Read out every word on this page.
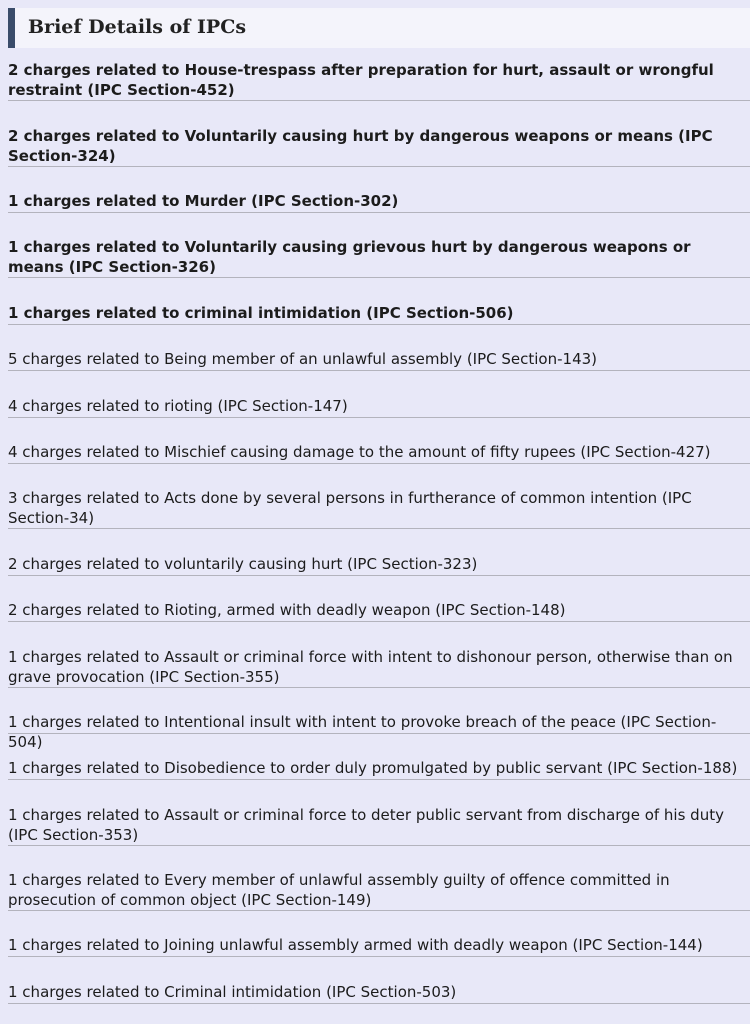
Brief Details of IPCs
2 charges related to House-trespass after preparation for hurt, assault or wrongful restraint (IPC Section-452)
2 charges related to Voluntarily causing hurt by dangerous weapons or means (IPC Section-324)
1 charges related to Murder (IPC Section-302)
1 charges related to Voluntarily causing grievous hurt by dangerous weapons or means (IPC Section-326)
1 charges related to criminal intimidation (IPC Section-506)
5 charges related to Being member of an unlawful assembly (IPC Section-143)
4 charges related to rioting (IPC Section-147)
4 charges related to Mischief causing damage to the amount of fifty rupees (IPC Section-427)
3 charges related to Acts done by several persons in furtherance of common intention (IPC Section-34)
2 charges related to voluntarily causing hurt (IPC Section-323)
2 charges related to Rioting, armed with deadly weapon (IPC Section-148)
1 charges related to Assault or criminal force with intent to dishonour person, otherwise than on grave provocation (IPC Section-355)
1 charges related to Intentional insult with intent to provoke breach of the peace (IPC Section-504)
1 charges related to Disobedience to order duly promulgated by public servant (IPC Section-188)
1 charges related to Assault or criminal force to deter public servant from discharge of his duty (IPC Section-353)
1 charges related to Every member of unlawful assembly guilty of offence committed in prosecution of common object (IPC Section-149)
1 charges related to Joining unlawful assembly armed with deadly weapon (IPC Section-144)
1 charges related to Criminal intimidation (IPC Section-503)
